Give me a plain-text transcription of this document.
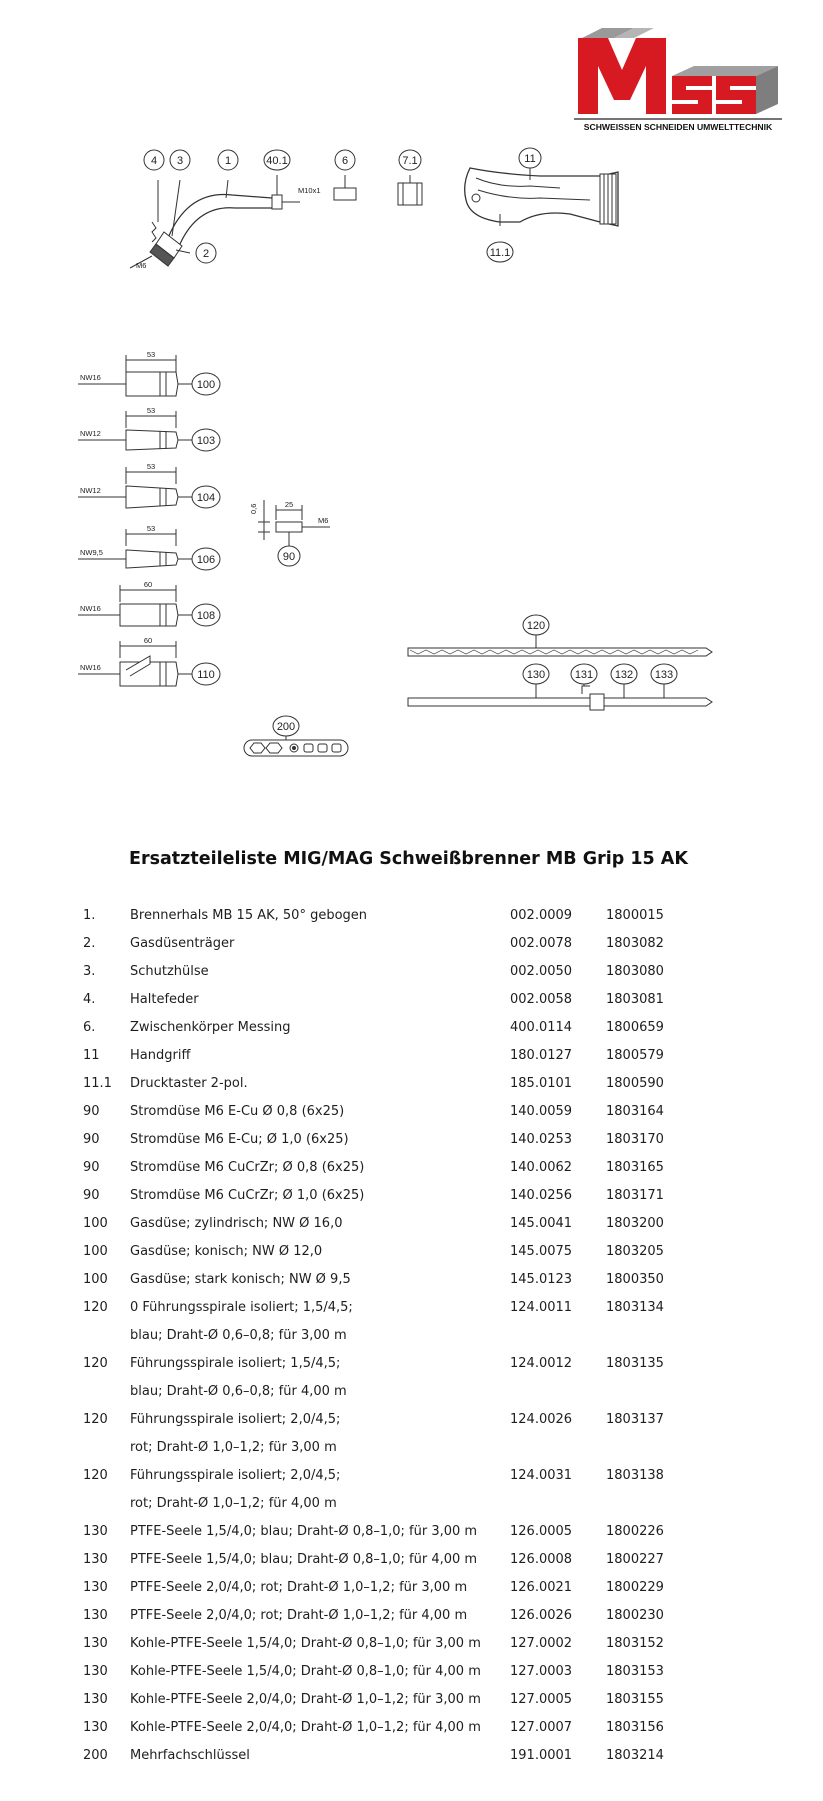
SCHWEISSEN SCHNEIDEN UMWELTTECHNIK
4 3	1	40.1	6	7.1	11
11.1
2
100
103
104
106
108
110
90
120
130	131 132 133
200
M6
M10x1
NW16
NW12
NW12
NW9,5
NW16
NW16
53
53
53
53
60
60
25
0,6
M6
Ersatzteileliste MIG/MAG Schweißbrenner MB Grip 15 AK
1.	Brennerhals MB 15 AK, 50° gebogen	002.0009	1800015
2.	Gasdüsenträger	002.0078	1803082
3.	Schutzhülse	002.0050	1803080
4.	Haltefeder	002.0058	1803081
6.	Zwischenkörper Messing	400.0114	1800659
11 Handgriff	180.0127	1800579
11.1 Drucktaster 2-pol.	185.0101	1800590
90 Stromdüse M6 E-Cu Ø 0,8 (6x25)	140.0059	1803164
90 Stromdüse M6 E-Cu; Ø 1,0 (6x25)	140.0253	1803170
90 Stromdüse M6 CuCrZr; Ø 0,8 (6x25)	140.0062	1803165
90 Stromdüse M6 CuCrZr; Ø 1,0 (6x25)	140.0256	1803171
100 Gasdüse; zylindrisch; NW Ø 16,0	145.0041	1803200
100 Gasdüse; konisch; NW Ø 12,0	145.0075	1803205
100 Gasdüse; stark konisch; NW Ø 9,5	145.0123	1800350
120 0 Führungsspirale isoliert; 1,5/4,5;	124.0011	1803134
blau; Draht-Ø 0,6–0,8; für 3,00 m
120 Führungsspirale isoliert; 1,5/4,5;	124.0012	1803135
blau; Draht-Ø 0,6–0,8; für 4,00 m
120 Führungsspirale isoliert; 2,0/4,5;	124.0026	1803137
rot; Draht-Ø 1,0–1,2; für 3,00 m
120 Führungsspirale isoliert; 2,0/4,5;	124.0031	1803138
rot; Draht-Ø 1,0–1,2; für 4,00 m
130 PTFE-Seele 1,5/4,0; blau; Draht-Ø 0,8–1,0; für 3,00 m	126.0005	1800226
130 PTFE-Seele 1,5/4,0; blau; Draht-Ø 0,8–1,0; für 4,00 m	126.0008	1800227
130 PTFE-Seele 2,0/4,0; rot; Draht-Ø 1,0–1,2; für 3,00 m	126.0021	1800229
130 PTFE-Seele 2,0/4,0; rot; Draht-Ø 1,0–1,2; für 4,00 m	126.0026	1800230
130 Kohle-PTFE-Seele 1,5/4,0; Draht-Ø 0,8–1,0; für 3,00 m 127.0002	1803152
130 Kohle-PTFE-Seele 1,5/4,0; Draht-Ø 0,8–1,0; für 4,00 m 127.0003	1803153
130 Kohle-PTFE-Seele 2,0/4,0; Draht-Ø 1,0–1,2; für 3,00 m 127.0005	1803155
130 Kohle-PTFE-Seele 2,0/4,0; Draht-Ø 1,0–1,2; für 4,00 m 127.0007	1803156
200 Mehrfachschlüssel	191.0001	1803214
